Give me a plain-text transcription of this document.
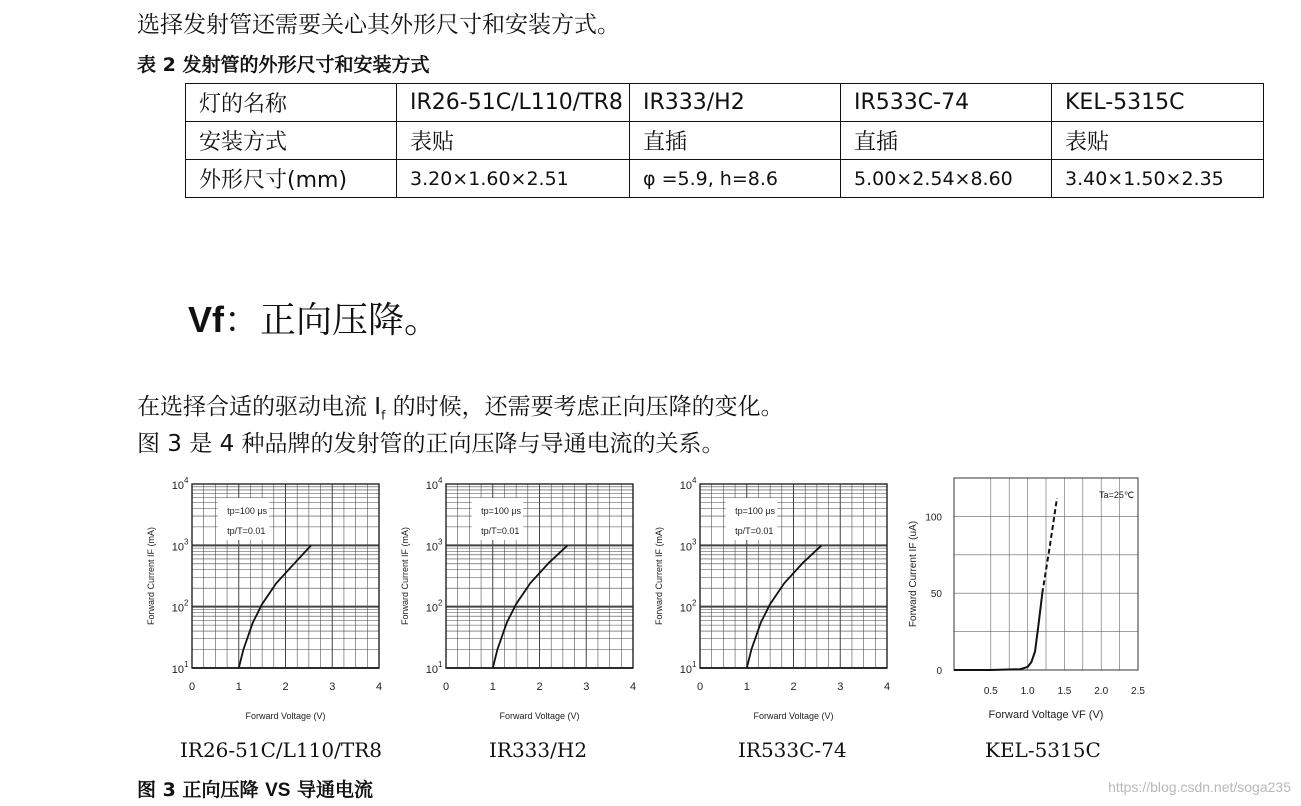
选择发射管还需要关心其外形尺寸和安装方式。
表 2 发射管的外形尺寸和安装方式
灯的名称	IR26-51C/L110/TR8	IR333/H2	IR533C-74	KEL-5315C
安装方式	表贴	直插	直插	表贴
外形尺寸(mm)	3.20×1.60×2.51	φ =5.9, h=8.6	5.00×2.54×8.60	3.40×1.50×2.35
Vf：正向压降。
在选择合适的驱动电流 $I_f$ 的时候，还需要考虑正向压降的变化。
图 3 是 4 种品牌的发射管的正向压降与导通电流的关系。
tp=100 μs
tp/T=0.01
0	1	2	3	4
10 1
10 2
10 3
10 4
Forward Voltage (V)
Forward Current IF (mA)
tp=100 μs
tp/T=0.01
0	1	2	3	4
10 1
10 2
10 3
10 4
Forward Voltage (V)
Forward Current IF (mA)
tp=100 μs
tp/T=0.01
0	1	2	3	4
10 1
10 2
10 3
10 4
Forward Voltage (V)
Forward Current IF (mA)
0.5 1.0 1.5 2.0 2.5
0
50
100
Ta=25℃
Forward Voltage VF (V)
Forward Current IF (uA)
IR26-51C/L110/TR8	IR333/H2	IR533C-74	KEL-5315C
图 3 正向压降 VS 导通电流	https://blog.csdn.net/soga235
